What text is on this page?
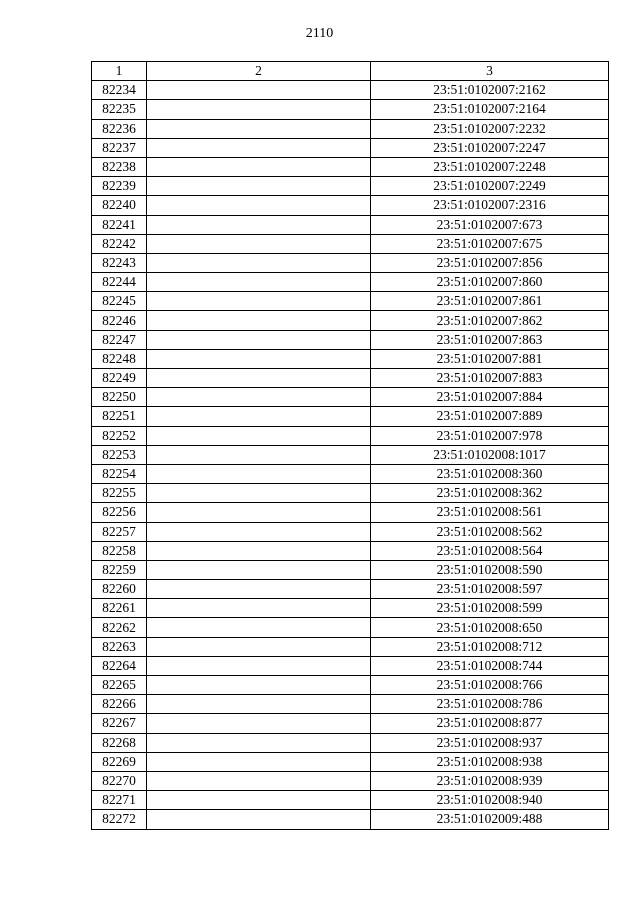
2110
1	2	3
82234		23:51:0102007:2162
82235		23:51:0102007:2164
82236		23:51:0102007:2232
82237		23:51:0102007:2247
82238		23:51:0102007:2248
82239		23:51:0102007:2249
82240		23:51:0102007:2316
82241		23:51:0102007:673
82242		23:51:0102007:675
82243		23:51:0102007:856
82244		23:51:0102007:860
82245		23:51:0102007:861
82246		23:51:0102007:862
82247		23:51:0102007:863
82248		23:51:0102007:881
82249		23:51:0102007:883
82250		23:51:0102007:884
82251		23:51:0102007:889
82252		23:51:0102007:978
82253		23:51:0102008:1017
82254		23:51:0102008:360
82255		23:51:0102008:362
82256		23:51:0102008:561
82257		23:51:0102008:562
82258		23:51:0102008:564
82259		23:51:0102008:590
82260		23:51:0102008:597
82261		23:51:0102008:599
82262		23:51:0102008:650
82263		23:51:0102008:712
82264		23:51:0102008:744
82265		23:51:0102008:766
82266		23:51:0102008:786
82267		23:51:0102008:877
82268		23:51:0102008:937
82269		23:51:0102008:938
82270		23:51:0102008:939
82271		23:51:0102008:940
82272		23:51:0102009:488
